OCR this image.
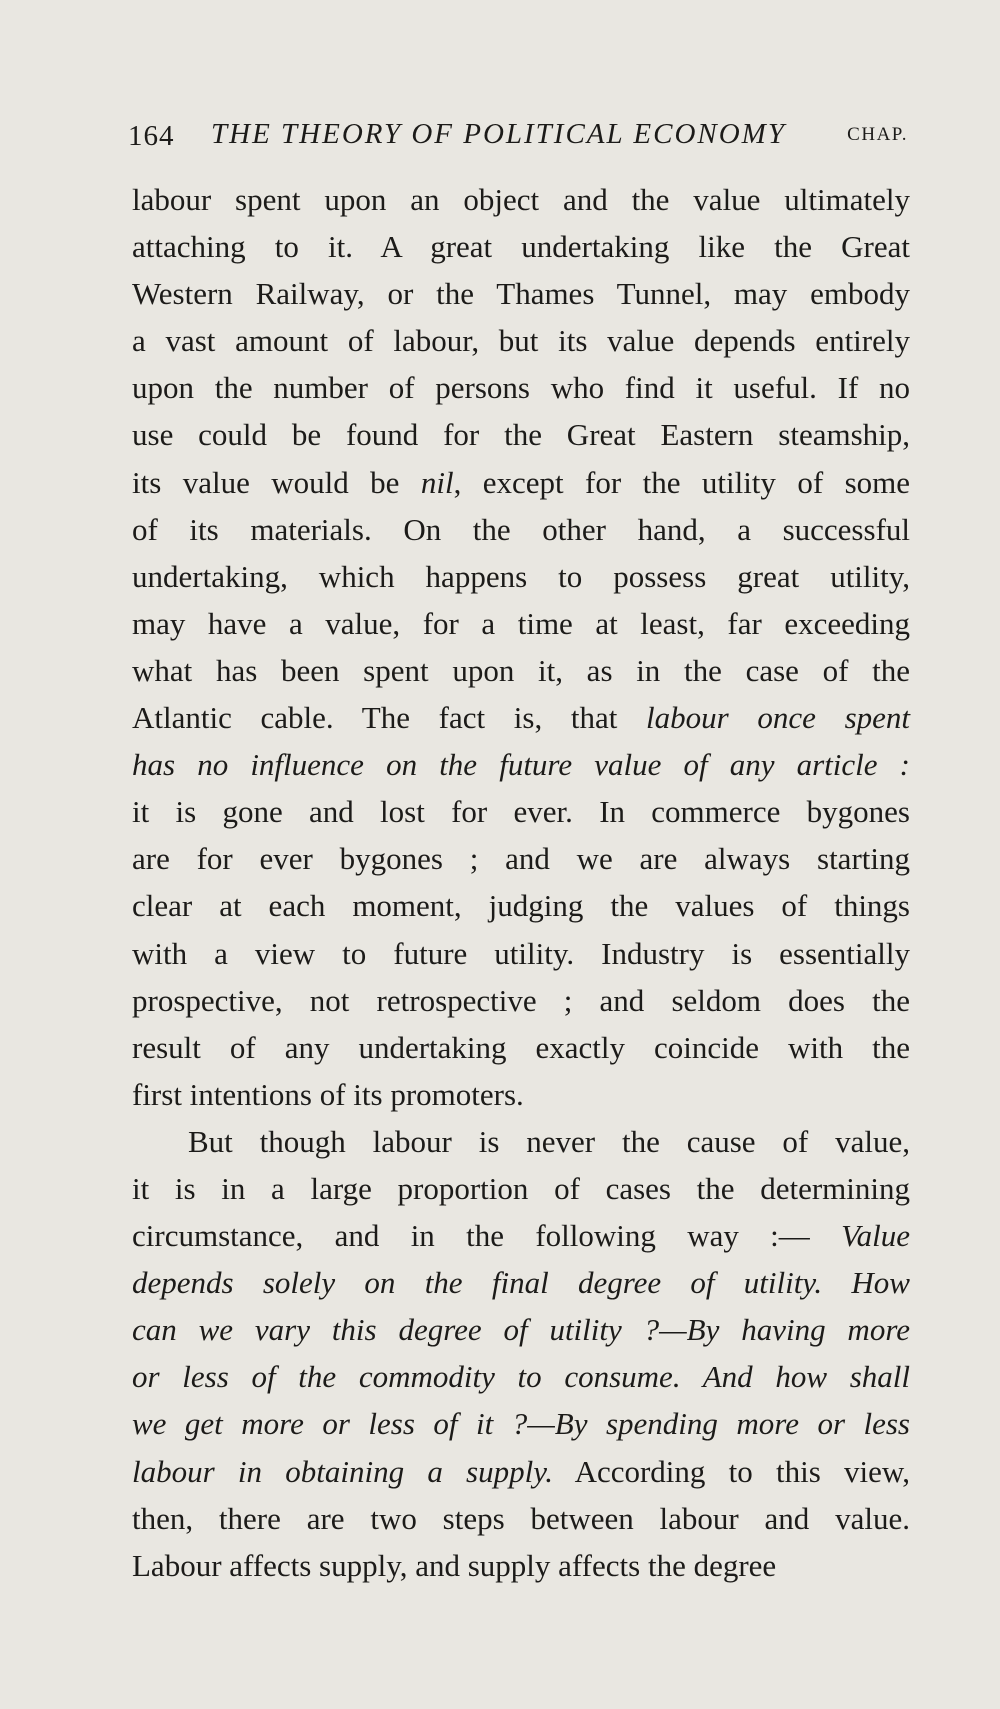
164 THE THEORY OF POLITICAL ECONOMY	CHAP.
labour spent upon an object and the value ultimately
attaching to it. A great undertaking like the Great
Western Railway, or the Thames Tunnel, may embody
a vast amount of labour, but its value depends entirely
upon the number of persons who find it useful. If no
use could be found for the Great Eastern steamship,
its value would be nil, except for the utility of some
of its materials. On the other hand, a successful
undertaking, which happens to possess great utility,
may have a value, for a time at least, far exceeding
what has been spent upon it, as in the case of the
Atlantic cable. The fact is, that labour once spent
has no influence on the future value of any article :
it is gone and lost for ever. In commerce bygones
are for ever bygones ; and we are always starting
clear at each moment, judging the values of things
with a view to future utility. Industry is essentially
prospective, not retrospective ; and seldom does the
result of any undertaking exactly coincide with the
first intentions of its promoters.
But though labour is never the cause of value,
it is in a large proportion of cases the determining
circumstance, and in the following way :— Value
depends solely on the final degree of utility. How
can we vary this degree of utility ?—By having more
or less of the commodity to consume. And how shall
we get more or less of it ?—By spending more or less
labour in obtaining a supply. According to this view,
then, there are two steps between labour and value.
Labour affects supply, and supply affects the degree
